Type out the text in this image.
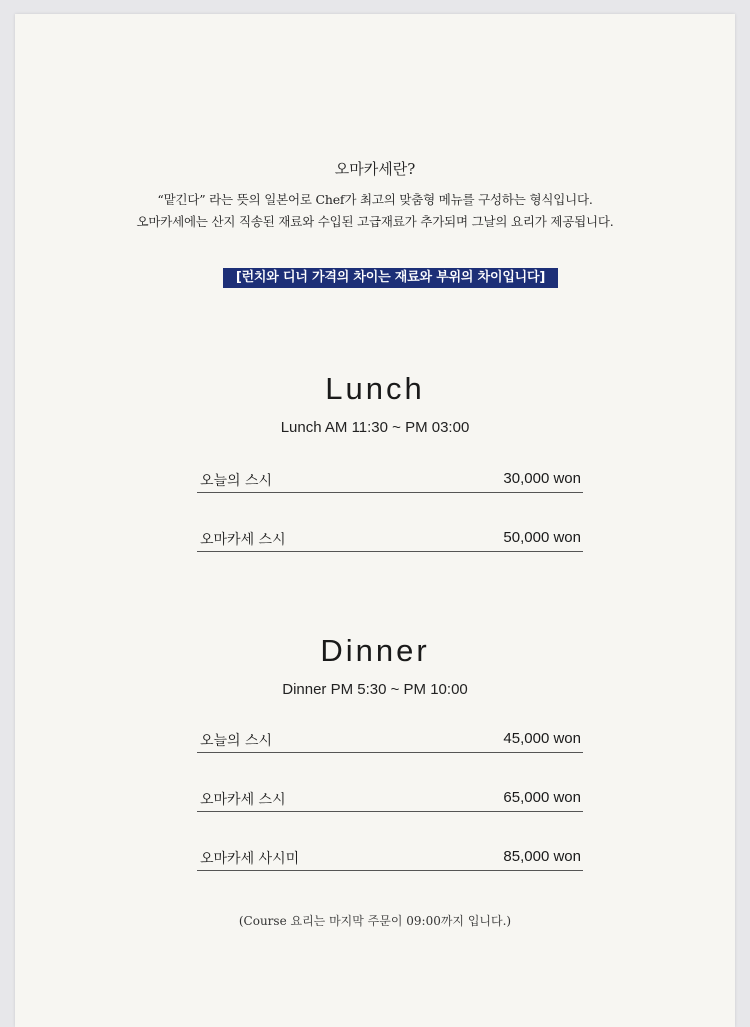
오마카세란?
“맡긴다” 라는 뜻의 일본어로 Chef가 최고의 맞춤형 메뉴를 구성하는 형식입니다.
오마카세에는 산지 직송된 재료와 수입된 고급재료가 추가되며 그날의 요리가 제공됩니다.
[런치와 디너 가격의 차이는 재료와 부위의 차이입니다]
Lunch
Lunch AM 11:30 ~ PM 03:00
오늘의 스시	30,000 won
오마카세 스시	50,000 won
Dinner
Dinner PM 5:30 ~ PM 10:00
오늘의 스시	45,000 won
오마카세 스시	65,000 won
오마카세 사시미	85,000 won
(Course 요리는 마지막 주문이 09:00까지 입니다.)
